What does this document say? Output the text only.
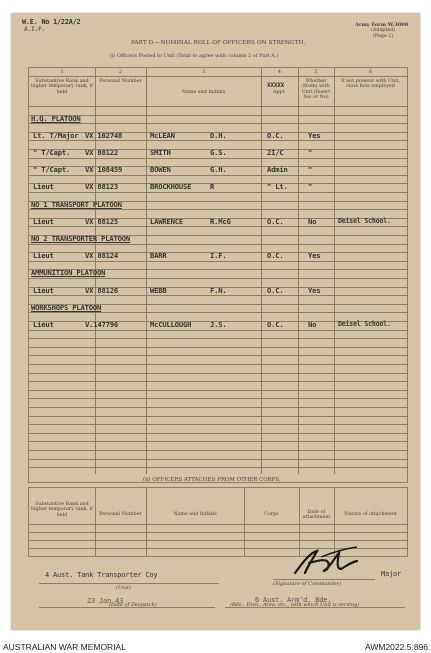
W.E. No 1/22A/2
A.I.F.
Army Form W.3008
(Adapted)
(Page 2)
PART D.—NOMINAL ROLL OF OFFICERS ON STRENGTH.
(i) Officers Posted to Unit (Total to agree with column 2 of Part A.)
1	2	3	4	5	6
Substantive Rank and higher temporary rank, if held
Personal Number
Name and Initials	Appt.
Whether (from) with Unit (Insert Yes or No)
If not present with Unit, state how employed
XXXXX
H.Q. PLATOON
Lt. T/Major VX 102748	McLEAN	D.H.	O.C.	Yes
" T/Capt. VX 88122	SMITH	G.S.	2I/C	"
" T/Capt. VX 108459	BOWEN	G.H.	Admin	"
Lieut	VX 88123	BROCKHOUSE	R	" Lt.	"
NO 1 TRANSPORT PLATOON
Lieut	VX 88125	LAWRENCE	R.McG	O.C.	No	Deisel School.
NO 2 TRANSPORTER PLATOON
Lieut	VX 88124	BARR	I.F.	O.C.	Yes
AMMUNITION PLATOON
Lieut	VX 88126	WEBB	F.N.	O.C.	Yes
WORKSHOPS PLATOON
Lieut	V.147796	McCULLOUGH	J.S.	O.C.	No	Deisel School.
(ii) OFFICERS ATTACHED FROM OTHER CORPS.
Substantive Rank and higher temporary rank, if held	Personal Number	Name and Initials	Corps	Date of attachment
Nature of attachment
4 Aust. Tank Transporter Coy
(Unit)
(Signature of Commander)
Major
23 Jan 43
(Date of Despatch)
6 Aust. Arm'd. Bde.
(Bde., Divn., Area. etc., with which Unit is serving)
AUSTRALIAN WAR MEMORIAL	AWM2022.5.896
